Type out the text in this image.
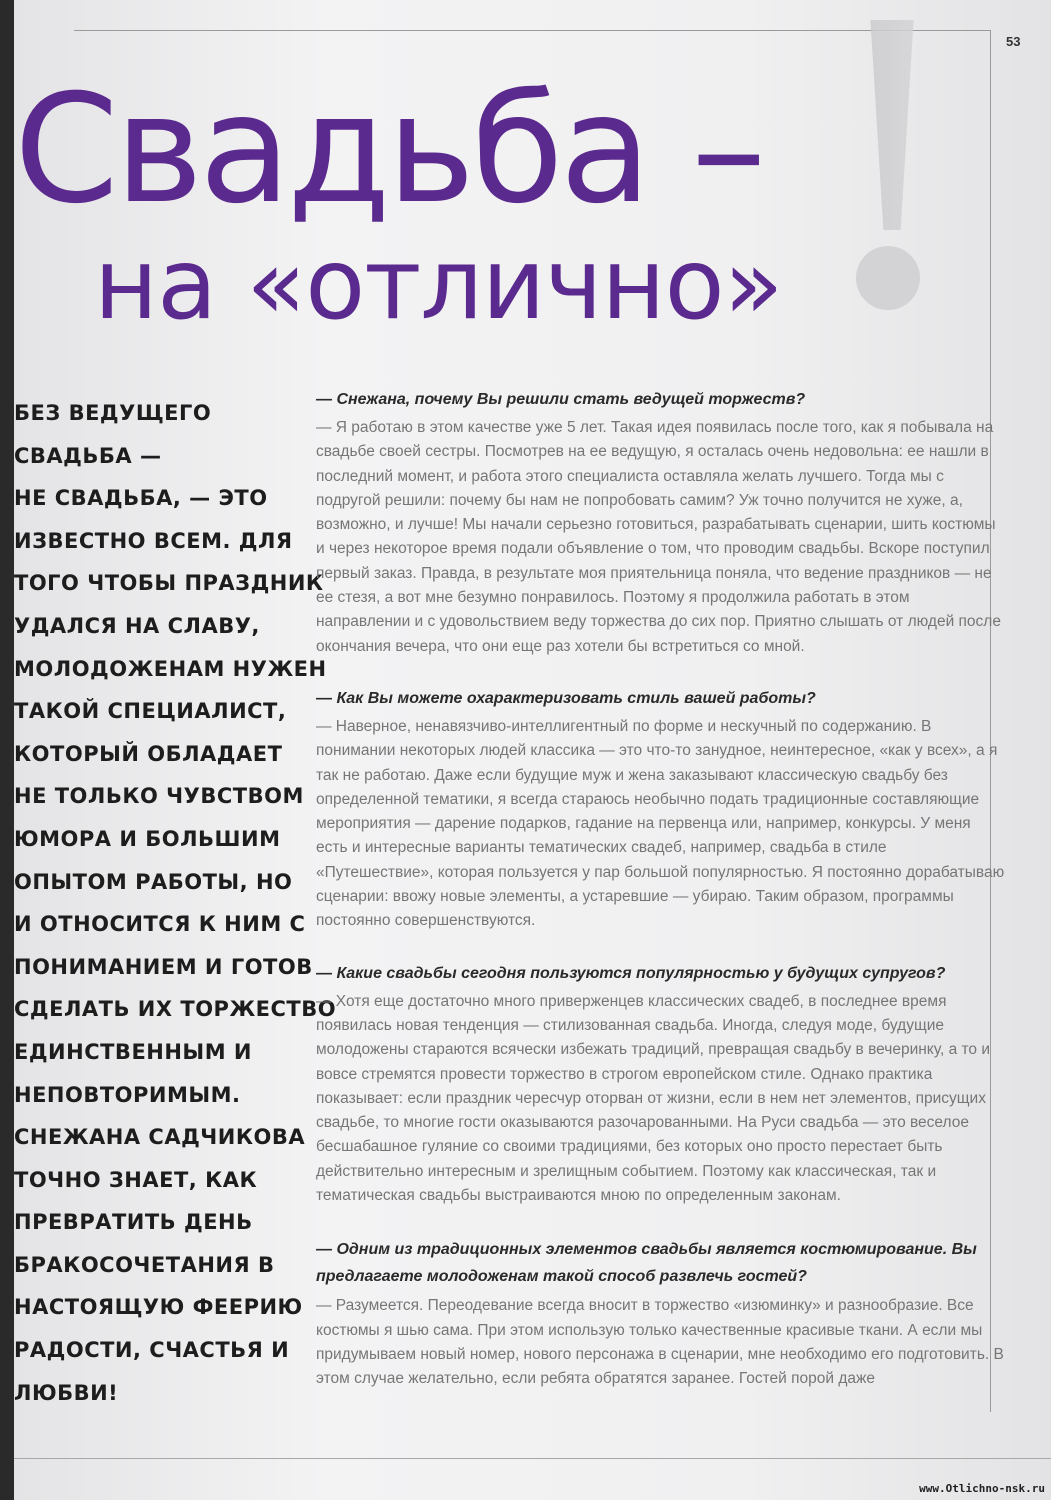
53
Свадьба –
на «отлично»
БЕЗ ВЕДУЩЕГО
СВАДЬБА —
НЕ СВАДЬБА, — ЭТО
ИЗВЕСТНО ВСЕМ. ДЛЯ
ТОГО ЧТОБЫ ПРАЗДНИК
УДАЛСЯ НА СЛАВУ,
МОЛОДОЖЕНАМ НУЖЕН
ТАКОЙ СПЕЦИАЛИСТ,
КОТОРЫЙ ОБЛАДАЕТ
НЕ ТОЛЬКО ЧУВСТВОМ
ЮМОРА И БОЛЬШИМ
ОПЫТОМ РАБОТЫ, НО
И ОТНОСИТСЯ К НИМ С
ПОНИМАНИЕМ И ГОТОВ
СДЕЛАТЬ ИХ ТОРЖЕСТВО
ЕДИНСТВЕННЫМ И
НЕПОВТОРИМЫМ.
СНЕЖАНА САДЧИКОВА
ТОЧНО ЗНАЕТ, КАК
ПРЕВРАТИТЬ ДЕНЬ
БРАКОСОЧЕТАНИЯ В
НАСТОЯЩУЮ ФЕЕРИЮ
РАДОСТИ, СЧАСТЬЯ И
ЛЮБВИ!

— Снежана, почему Вы решили стать ведущей торжеств?

— Я работаю в этом качестве уже 5 лет. Такая идея появилась после того, как я побывала на свадьбе своей сестры. Посмотрев на ее ведущую, я осталась очень недовольна: ее нашли в последний момент, и работа этого специалиста оставляла желать лучшего. Тогда мы с подругой решили: почему бы нам не попробовать самим? Уж точно получится не хуже, а, возможно, и лучше! Мы начали серьезно готовиться, разрабатывать сценарии, шить костюмы и через некоторое время подали объявление о том, что проводим свадьбы. Вскоре поступил первый заказ. Правда, в результате моя приятельница поняла, что ведение праздников — не ее стезя, а вот мне безумно понравилось. Поэтому я продолжила работать в этом направлении и с удовольствием веду торжества до сих пор. Приятно слышать от людей после окончания вечера, что они еще раз хотели бы встретиться со мной.

— Как Вы можете охарактеризовать стиль вашей работы?

— Наверное, ненавязчиво-интеллигентный по форме и нескучный по содержанию. В понимании некоторых людей классика — это что-то занудное, неинтересное, «как у всех», а я так не работаю. Даже если будущие муж и жена заказывают классическую свадьбу без определенной тематики, я всегда стараюсь необычно подать традиционные составляющие мероприятия — дарение подарков, гадание на первенца или, например, конкурсы. У меня есть и интересные варианты тематических свадеб, например, свадьба в стиле «Путешествие», которая пользуется у пар большой популярностью. Я постоянно дорабатываю сценарии: ввожу новые элементы, а устаревшие — убираю. Таким образом, программы постоянно совершенствуются.

— Какие свадьбы сегодня пользуются популярностью у будущих супругов?

— Хотя еще достаточно много приверженцев классических свадеб, в последнее время появилась новая тенденция — стилизованная свадьба. Иногда, следуя моде, будущие молодожены стараются всячески избежать традиций, превращая свадьбу в вечеринку, а то и вовсе стремятся провести торжество в строгом европейском стиле. Однако практика показывает: если праздник чересчур оторван от жизни, если в нем нет элементов, присущих свадьбе, то многие гости оказываются разочарованными. На Руси свадьба — это веселое бесшабашное гуляние со своими традициями, без которых оно просто перестает быть действительно интересным и зрелищным событием. Поэтому как классическая, так и тематическая свадьбы выстраиваются мною по определенным законам.

— Одним из традиционных элементов свадьбы является костюмирование. Вы предлагаете молодоженам такой способ развлечь гостей?

— Разумеется. Переодевание всегда вносит в торжество «изюминку» и разнообразие. Все костюмы я шью сама. При этом использую только качественные красивые ткани. А если мы придумываем новый номер, нового персонажа в сценарии, мне необходимо его подготовить. В этом случае желательно, если ребята обратятся заранее. Гостей порой даже

www.Otlichno-nsk.ru
